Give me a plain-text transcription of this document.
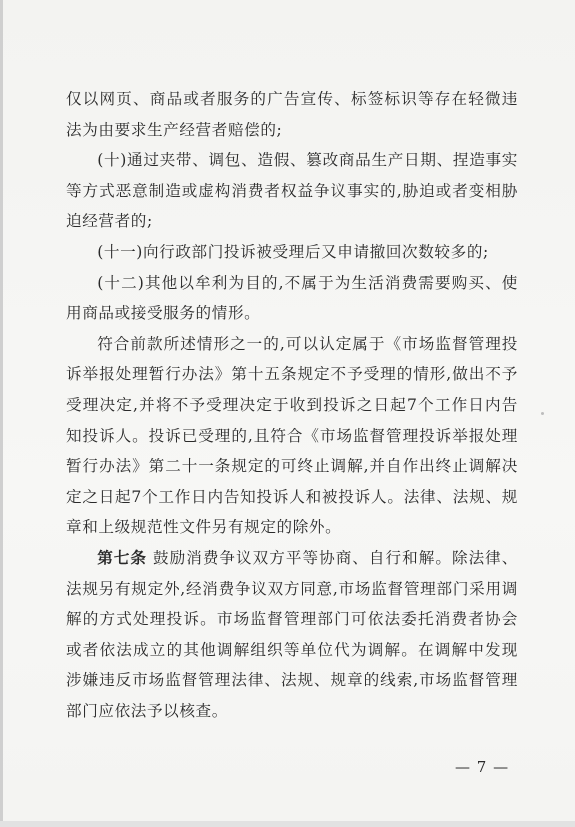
仅以网页、商品或者服务的广告宣传、标签标识等存在轻微违法为由要求生产经营者赔偿的;

(十)通过夹带、调包、造假、篡改商品生产日期、捏造事实等方式恶意制造或虚构消费者权益争议事实的,胁迫或者变相胁迫经营者的;

(十一)向行政部门投诉被受理后又申请撤回次数较多的;

(十二)其他以牟利为目的,不属于为生活消费需要购买、使用商品或接受服务的情形。

符合前款所述情形之一的,可以认定属于《市场监督管理投诉举报处理暂行办法》第十五条规定不予受理的情形,做出不予受理决定,并将不予受理决定于收到投诉之日起7个工作日内告知投诉人。投诉已受理的,且符合《市场监督管理投诉举报处理暂行办法》第二十一条规定的可终止调解,并自作出终止调解决定之日起7个工作日内告知投诉人和被投诉人。法律、法规、规章和上级规范性文件另有规定的除外。

第七条 鼓励消费争议双方平等协商、自行和解。除法律、法规另有规定外,经消费争议双方同意,市场监督管理部门采用调解的方式处理投诉。市场监督管理部门可依法委托消费者协会或者依法成立的其他调解组织等单位代为调解。在调解中发现涉嫌违反市场监督管理法律、法规、规章的线索,市场监督管理部门应依法予以核查。

— 7 —
